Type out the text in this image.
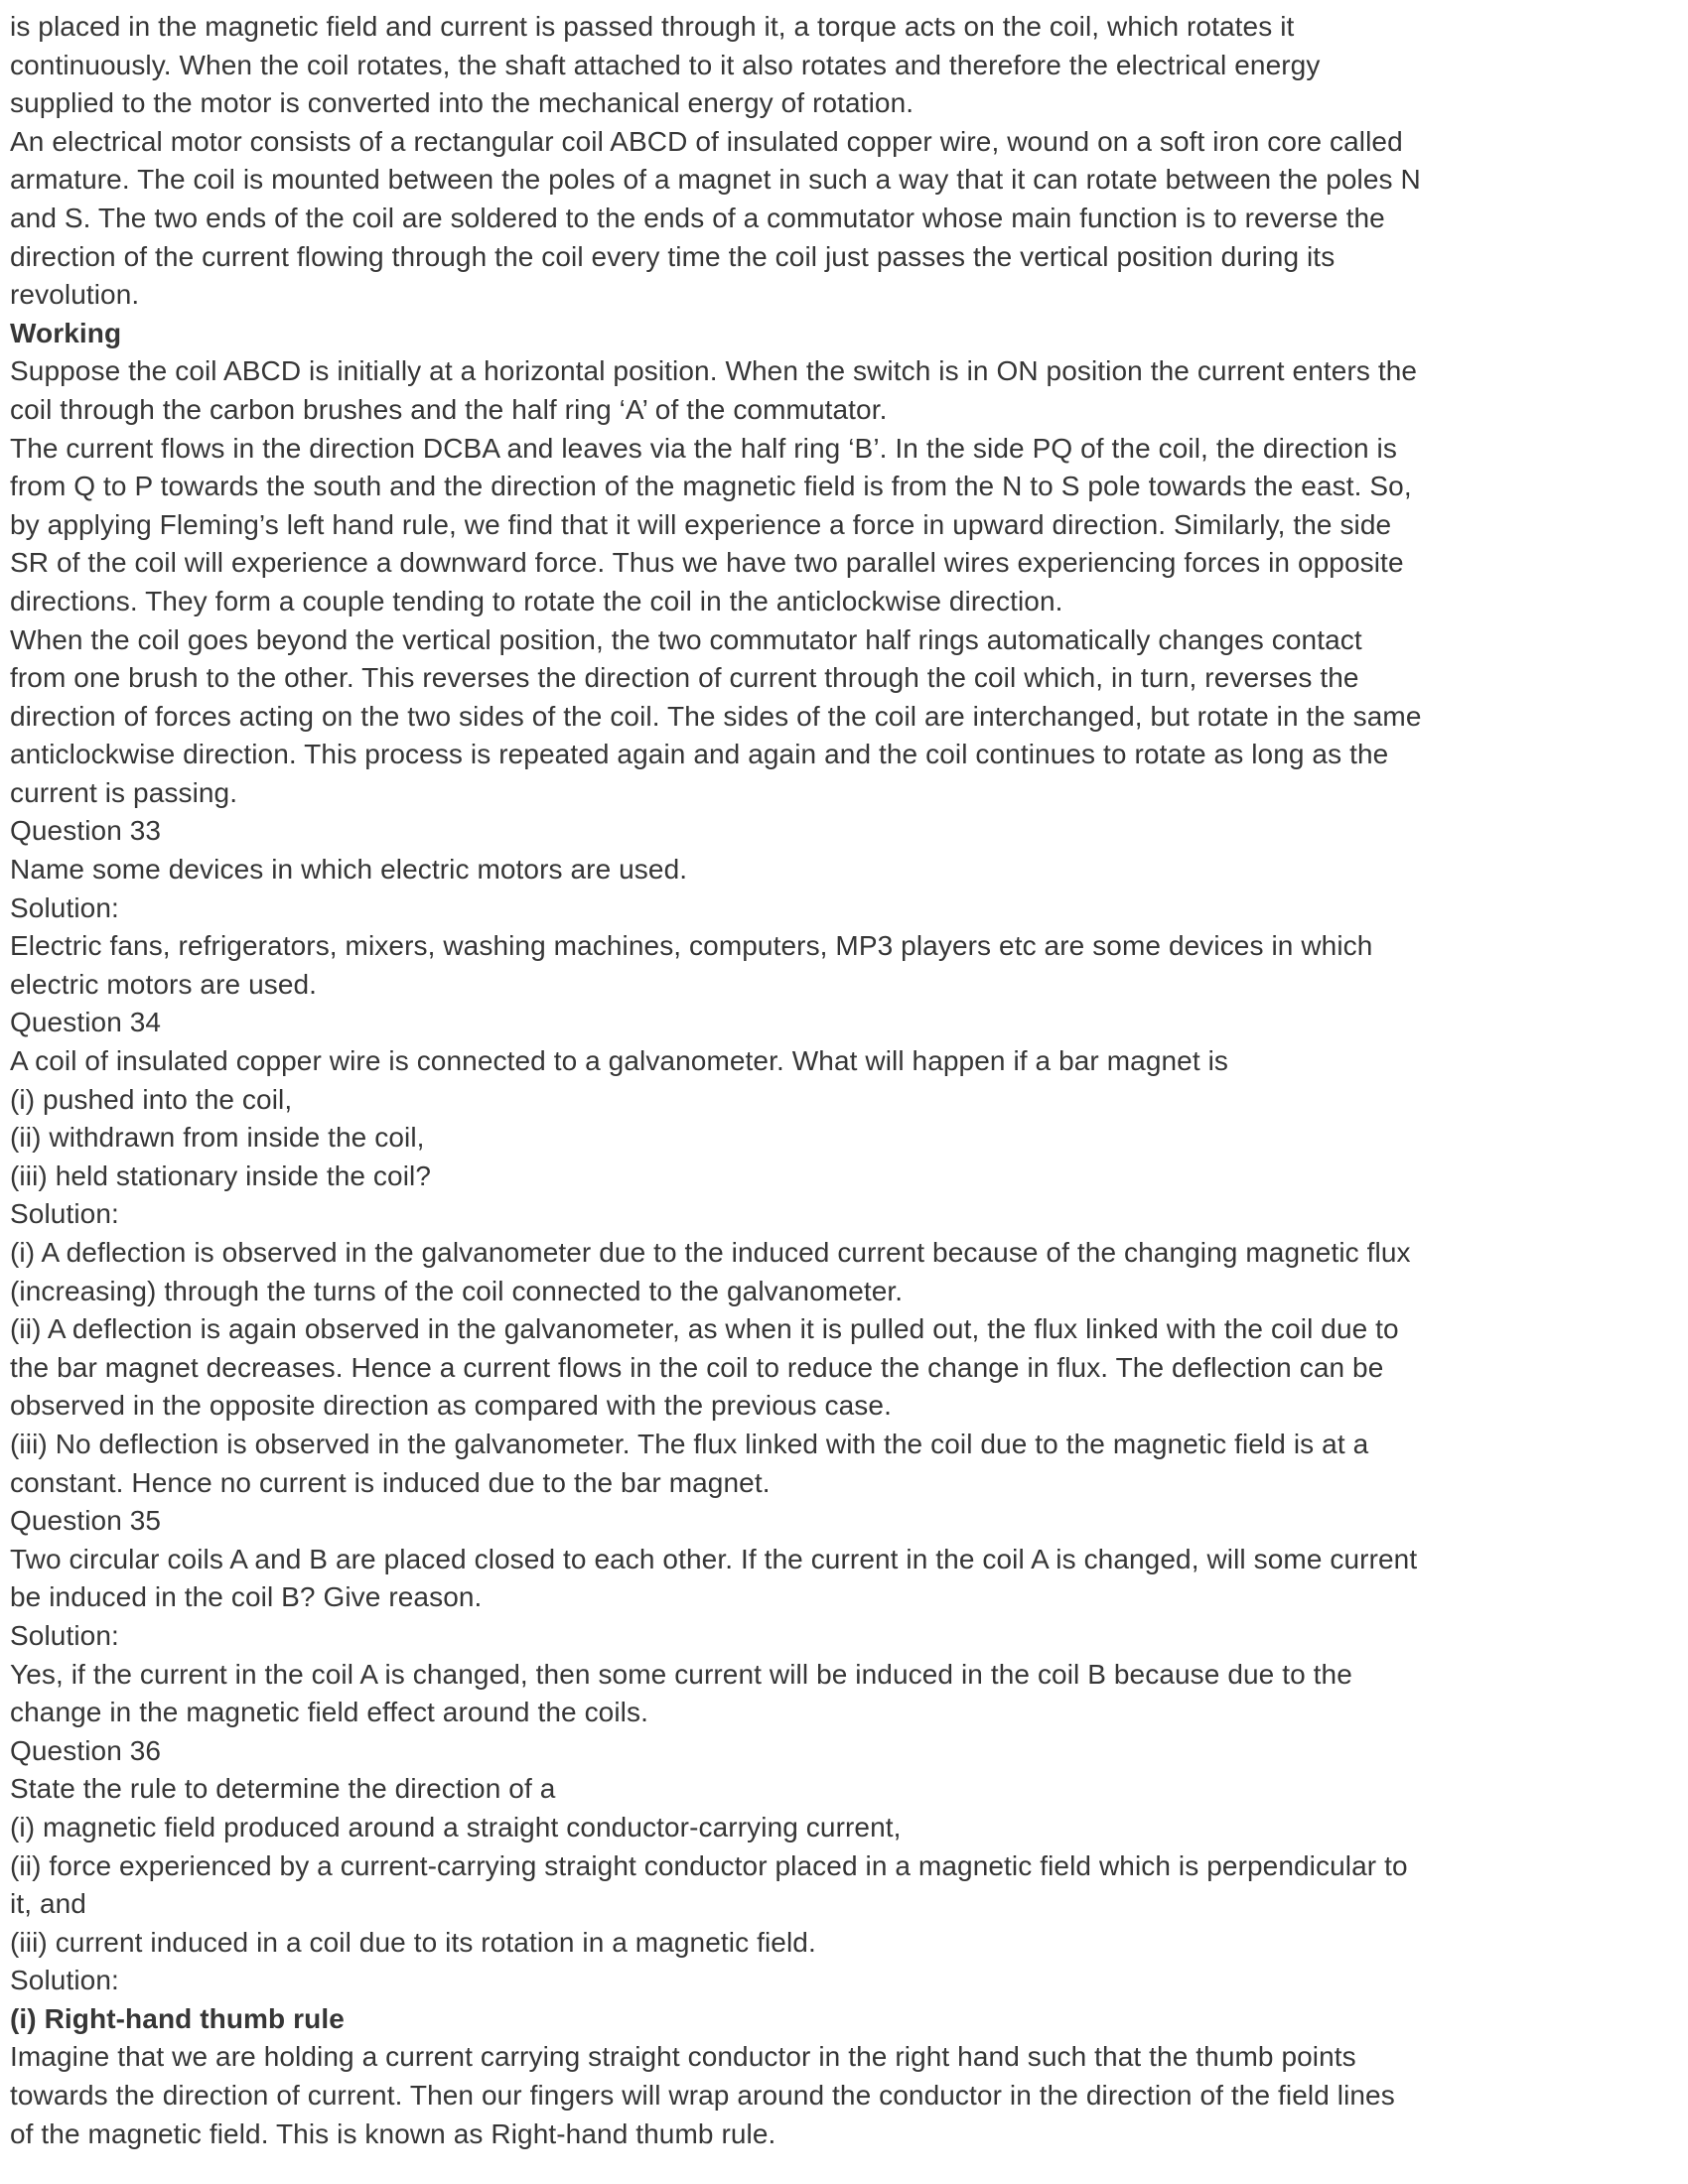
is placed in the magnetic field and current is passed through it, a torque acts on the coil, which rotates it
continuously. When the coil rotates, the shaft attached to it also rotates and therefore the electrical energy
supplied to the motor is converted into the mechanical energy of rotation.
An electrical motor consists of a rectangular coil ABCD of insulated copper wire, wound on a soft iron core called
armature. The coil is mounted between the poles of a magnet in such a way that it can rotate between the poles N
and S. The two ends of the coil are soldered to the ends of a commutator whose main function is to reverse the
direction of the current flowing through the coil every time the coil just passes the vertical position during its
revolution.
Working
Suppose the coil ABCD is initially at a horizontal position. When the switch is in ON position the current enters the
coil through the carbon brushes and the half ring ‘A’ of the commutator.
The current flows in the direction DCBA and leaves via the half ring ‘B’. In the side PQ of the coil, the direction is
from Q to P towards the south and the direction of the magnetic field is from the N to S pole towards the east. So,
by applying Fleming’s left hand rule, we find that it will experience a force in upward direction. Similarly, the side
SR of the coil will experience a downward force. Thus we have two parallel wires experiencing forces in opposite
directions. They form a couple tending to rotate the coil in the anticlockwise direction.
When the coil goes beyond the vertical position, the two commutator half rings automatically changes contact
from one brush to the other. This reverses the direction of current through the coil which, in turn, reverses the
direction of forces acting on the two sides of the coil. The sides of the coil are interchanged, but rotate in the same
anticlockwise direction. This process is repeated again and again and the coil continues to rotate as long as the
current is passing.
Question 33
Name some devices in which electric motors are used.
Solution:
Electric fans, refrigerators, mixers, washing machines, computers, MP3 players etc are some devices in which
electric motors are used.
Question 34
A coil of insulated copper wire is connected to a galvanometer. What will happen if a bar magnet is
(i) pushed into the coil,
(ii) withdrawn from inside the coil,
(iii) held stationary inside the coil?
Solution:
(i) A deflection is observed in the galvanometer due to the induced current because of the changing magnetic flux
(increasing) through the turns of the coil connected to the galvanometer.
(ii) A deflection is again observed in the galvanometer, as when it is pulled out, the flux linked with the coil due to
the bar magnet decreases. Hence a current flows in the coil to reduce the change in flux. The deflection can be
observed in the opposite direction as compared with the previous case.
(iii) No deflection is observed in the galvanometer. The flux linked with the coil due to the magnetic field is at a
constant. Hence no current is induced due to the bar magnet.
Question 35
Two circular coils A and B are placed closed to each other. If the current in the coil A is changed, will some current
be induced in the coil B? Give reason.
Solution:
Yes, if the current in the coil A is changed, then some current will be induced in the coil B because due to the
change in the magnetic field effect around the coils.
Question 36
State the rule to determine the direction of a
(i) magnetic field produced around a straight conductor-carrying current,
(ii) force experienced by a current-carrying straight conductor placed in a magnetic field which is perpendicular to
it, and
(iii) current induced in a coil due to its rotation in a magnetic field.
Solution:
(i) Right-hand thumb rule
Imagine that we are holding a current carrying straight conductor in the right hand such that the thumb points
towards the direction of current. Then our fingers will wrap around the conductor in the direction of the field lines
of the magnetic field. This is known as Right-hand thumb rule.
